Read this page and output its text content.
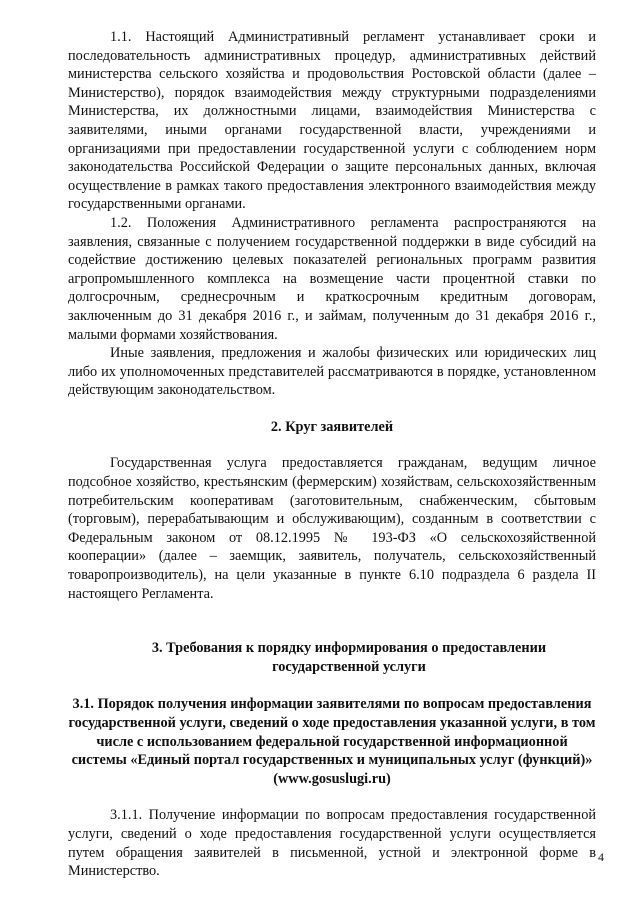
1.1. Настоящий Административный регламент устанавливает сроки и последовательность административных процедур, административных действий министерства сельского хозяйства и продовольствия Ростовской области (далее – Министерство), порядок взаимодействия между структурными подразделениями Министерства, их должностными лицами, взаимодействия Министерства с заявителями, иными органами государственной власти, учреждениями и организациями при предоставлении государственной услуги с соблюдением норм законодательства Российской Федерации о защите персональных данных, включая осуществление в рамках такого предоставления электронного взаимодействия между государственными органами.

1.2. Положения Административного регламента распространяются на заявления, связанные с получением государственной поддержки в виде субсидий на содействие достижению целевых показателей региональных программ развития агропромышленного комплекса на возмещение части процентной ставки по долгосрочным, среднесрочным и краткосрочным кредитным договорам, заключенным до 31 декабря 2016 г., и займам, полученным до 31 декабря 2016 г., малыми формами хозяйствования.

Иные заявления, предложения и жалобы физических или юридических лиц либо их уполномоченных представителей рассматриваются в порядке, установленном действующим законодательством.

2. Круг заявителей

Государственная услуга предоставляется гражданам, ведущим личное подсобное хозяйство, крестьянским (фермерским) хозяйствам, сельскохозяйственным потребительским кооперативам (заготовительным, снабженческим, сбытовым (торговым), перерабатывающим и обслуживающим), созданным в соответствии с Федеральным законом от 08.12.1995 № 193-ФЗ «О сельскохозяйственной кооперации» (далее – заемщик, заявитель, получатель, сельскохозяйственный товаропроизводитель), на цели указанные в пункте 6.10 подраздела 6 раздела II настоящего Регламента.

3. Требования к порядку информирования о предоставлении государственной услуги

3.1. Порядок получения информации заявителями по вопросам предоставления государственной услуги, сведений о ходе предоставления указанной услуги, в том числе с использованием федеральной государственной информационной системы «Единый портал государственных и муниципальных услуг (функций)» (www.gosuslugi.ru)

3.1.1. Получение информации по вопросам предоставления государственной услуги, сведений о ходе предоставления государственной услуги осуществляется путем обращения заявителей в письменной, устной и электронной форме в Министерство.

4
